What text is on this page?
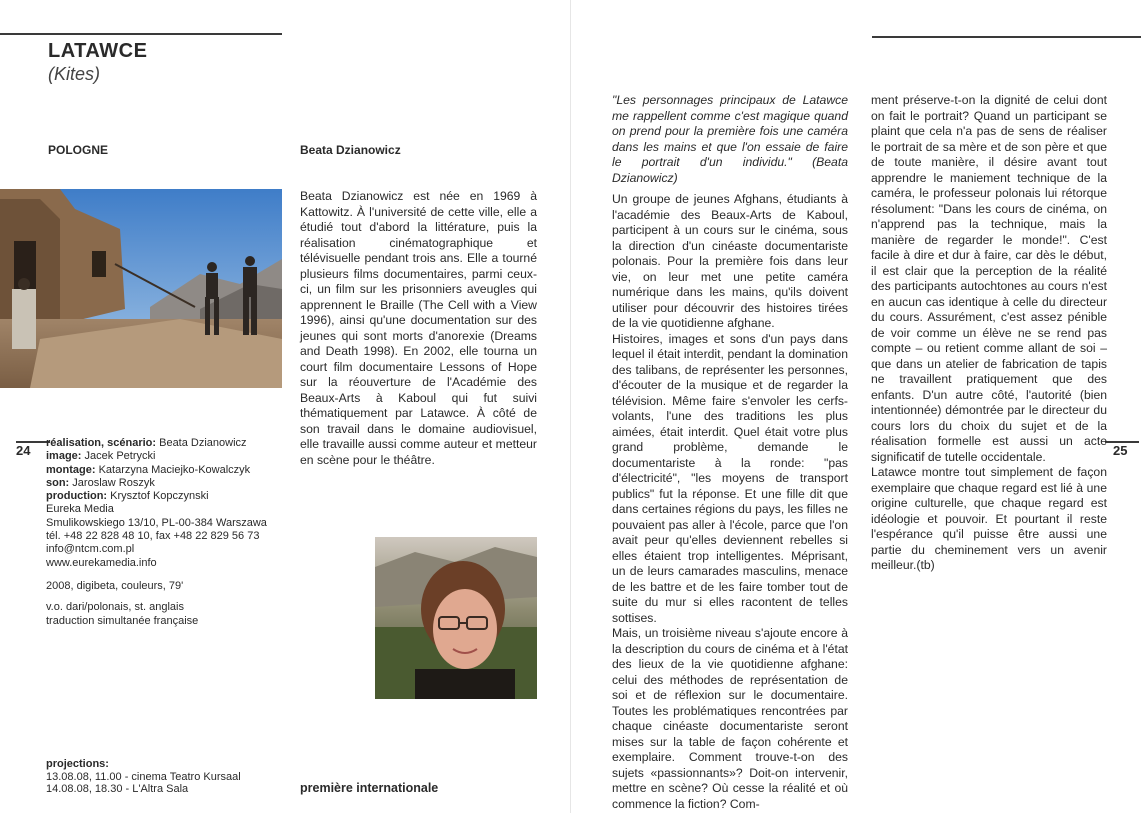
LATAWCE
(Kites)
POLOGNE	Beata Dzianowicz

Beata Dzianowicz est née en 1969 à Kattowitz. À l'université de cette ville, elle a étudié tout d'abord la littérature, puis la réalisation cinématographique et télévisuelle pendant trois ans. Elle a tourné plusieurs films documentaires, parmi ceux-ci, un film sur les prisonniers aveugles qui apprennent le Braille (The Cell with a View 1996), ainsi qu'une documentation sur des jeunes qui sont morts d'anorexie (Dreams and Death 1998). En 2002, elle tourna un court film documentaire Lessons of Hope sur la réouverture de l'Académie des Beaux-Arts à Kaboul qui fut suivi thématiquement par Latawce. À côté de son travail dans le domaine audiovisuel, elle travaille aussi comme auteur et metteur en scène pour le théâtre.

24	25
réalisation, scénario: Beata Dzianowicz
image: Jacek Petrycki
montage: Katarzyna Maciejko-Kowalczyk
son: Jaroslaw Roszyk
production: Krysztof Kopczynski
Eureka Media
Smulikowskiego 13/10, PL-00-384 Warszawa
tél. +48 22 828 48 10, fax +48 22 829 56 73
info@ntcm.com.pl
www.eurekamedia.info
2008, digibeta, couleurs, 79'
v.o. dari/polonais, st. anglais
traduction simultanée française
projections:
13.08.08, 11.00 - cinema Teatro Kursaal
14.08.08, 18.30 - L'Altra Sala	première internationale

"Les personnages principaux de Latawce me rappellent comme c'est magique quand on prend pour la première fois une caméra dans les mains et que l'on essaie de faire le portrait d'un individu." (Beata Dzianowicz)

Un groupe de jeunes Afghans, étudiants à l'académie des Beaux-Arts de Kaboul, participent à un cours sur le cinéma, sous la direction d'un cinéaste documentariste polonais. Pour la première fois dans leur vie, on leur met une petite caméra numérique dans les mains, qu'ils doivent utiliser pour découvrir des histoires tirées de la vie quotidienne afghane.

Histoires, images et sons d'un pays dans lequel il était interdit, pendant la domination des talibans, de représenter les personnes, d'écouter de la musique et de regarder la télévision. Même faire s'envoler les cerfs-volants, l'une des traditions les plus aimées, était interdit. Quel était votre plus grand problème, demande le documentariste à la ronde: "pas d'électricité", "les moyens de transport publics" fut la réponse. Et une fille dit que dans certaines régions du pays, les filles ne pouvaient pas aller à l'école, parce que l'on avait peur qu'elles deviennent rebelles si elles étaient trop intelligentes. Méprisant, un de leurs camarades masculins, menace de les battre et de les faire tomber tout de suite du mur si elles racontent de telles sottises.

Mais, un troisième niveau s'ajoute encore à la description du cours de cinéma et à l'état des lieux de la vie quotidienne afghane: celui des méthodes de représentation de soi et de réflexion sur le documentaire. Toutes les problématiques rencontrées par chaque cinéaste documentariste seront mises sur la table de façon cohérente et exemplaire. Comment trouve-t-on des sujets «passionnants»? Doit-on intervenir, mettre en scène? Où cesse la réalité et où commence la fiction? Com-

ment préserve-t-on la dignité de celui dont on fait le portrait? Quand un participant se plaint que cela n'a pas de sens de réaliser le portrait de sa mère et de son père et que de toute manière, il désire avant tout apprendre le maniement technique de la caméra, le professeur polonais lui rétorque résolument: "Dans les cours de cinéma, on n'apprend pas la technique, mais la manière de regarder le monde!". C'est facile à dire et dur à faire, car dès le début, il est clair que la perception de la réalité des participants autochtones au cours n'est en aucun cas identique à celle du directeur du cours. Assurément, c'est assez pénible de voir comme un élève ne se rend pas compte – ou retient comme allant de soi – que dans un atelier de fabrication de tapis ne travaillent pratiquement que des enfants. D'un autre côté, l'autorité (bien intentionnée) démontrée par le directeur du cours lors du choix du sujet et de la réalisation formelle est aussi un acte significatif de tutelle occidentale.

Latawce montre tout simplement de façon exemplaire que chaque regard est lié à une origine culturelle, que chaque regard est idéologie et pouvoir. Et pourtant il reste l'espérance qu'il puisse être aussi une partie du cheminement vers un avenir meilleur.(tb)
